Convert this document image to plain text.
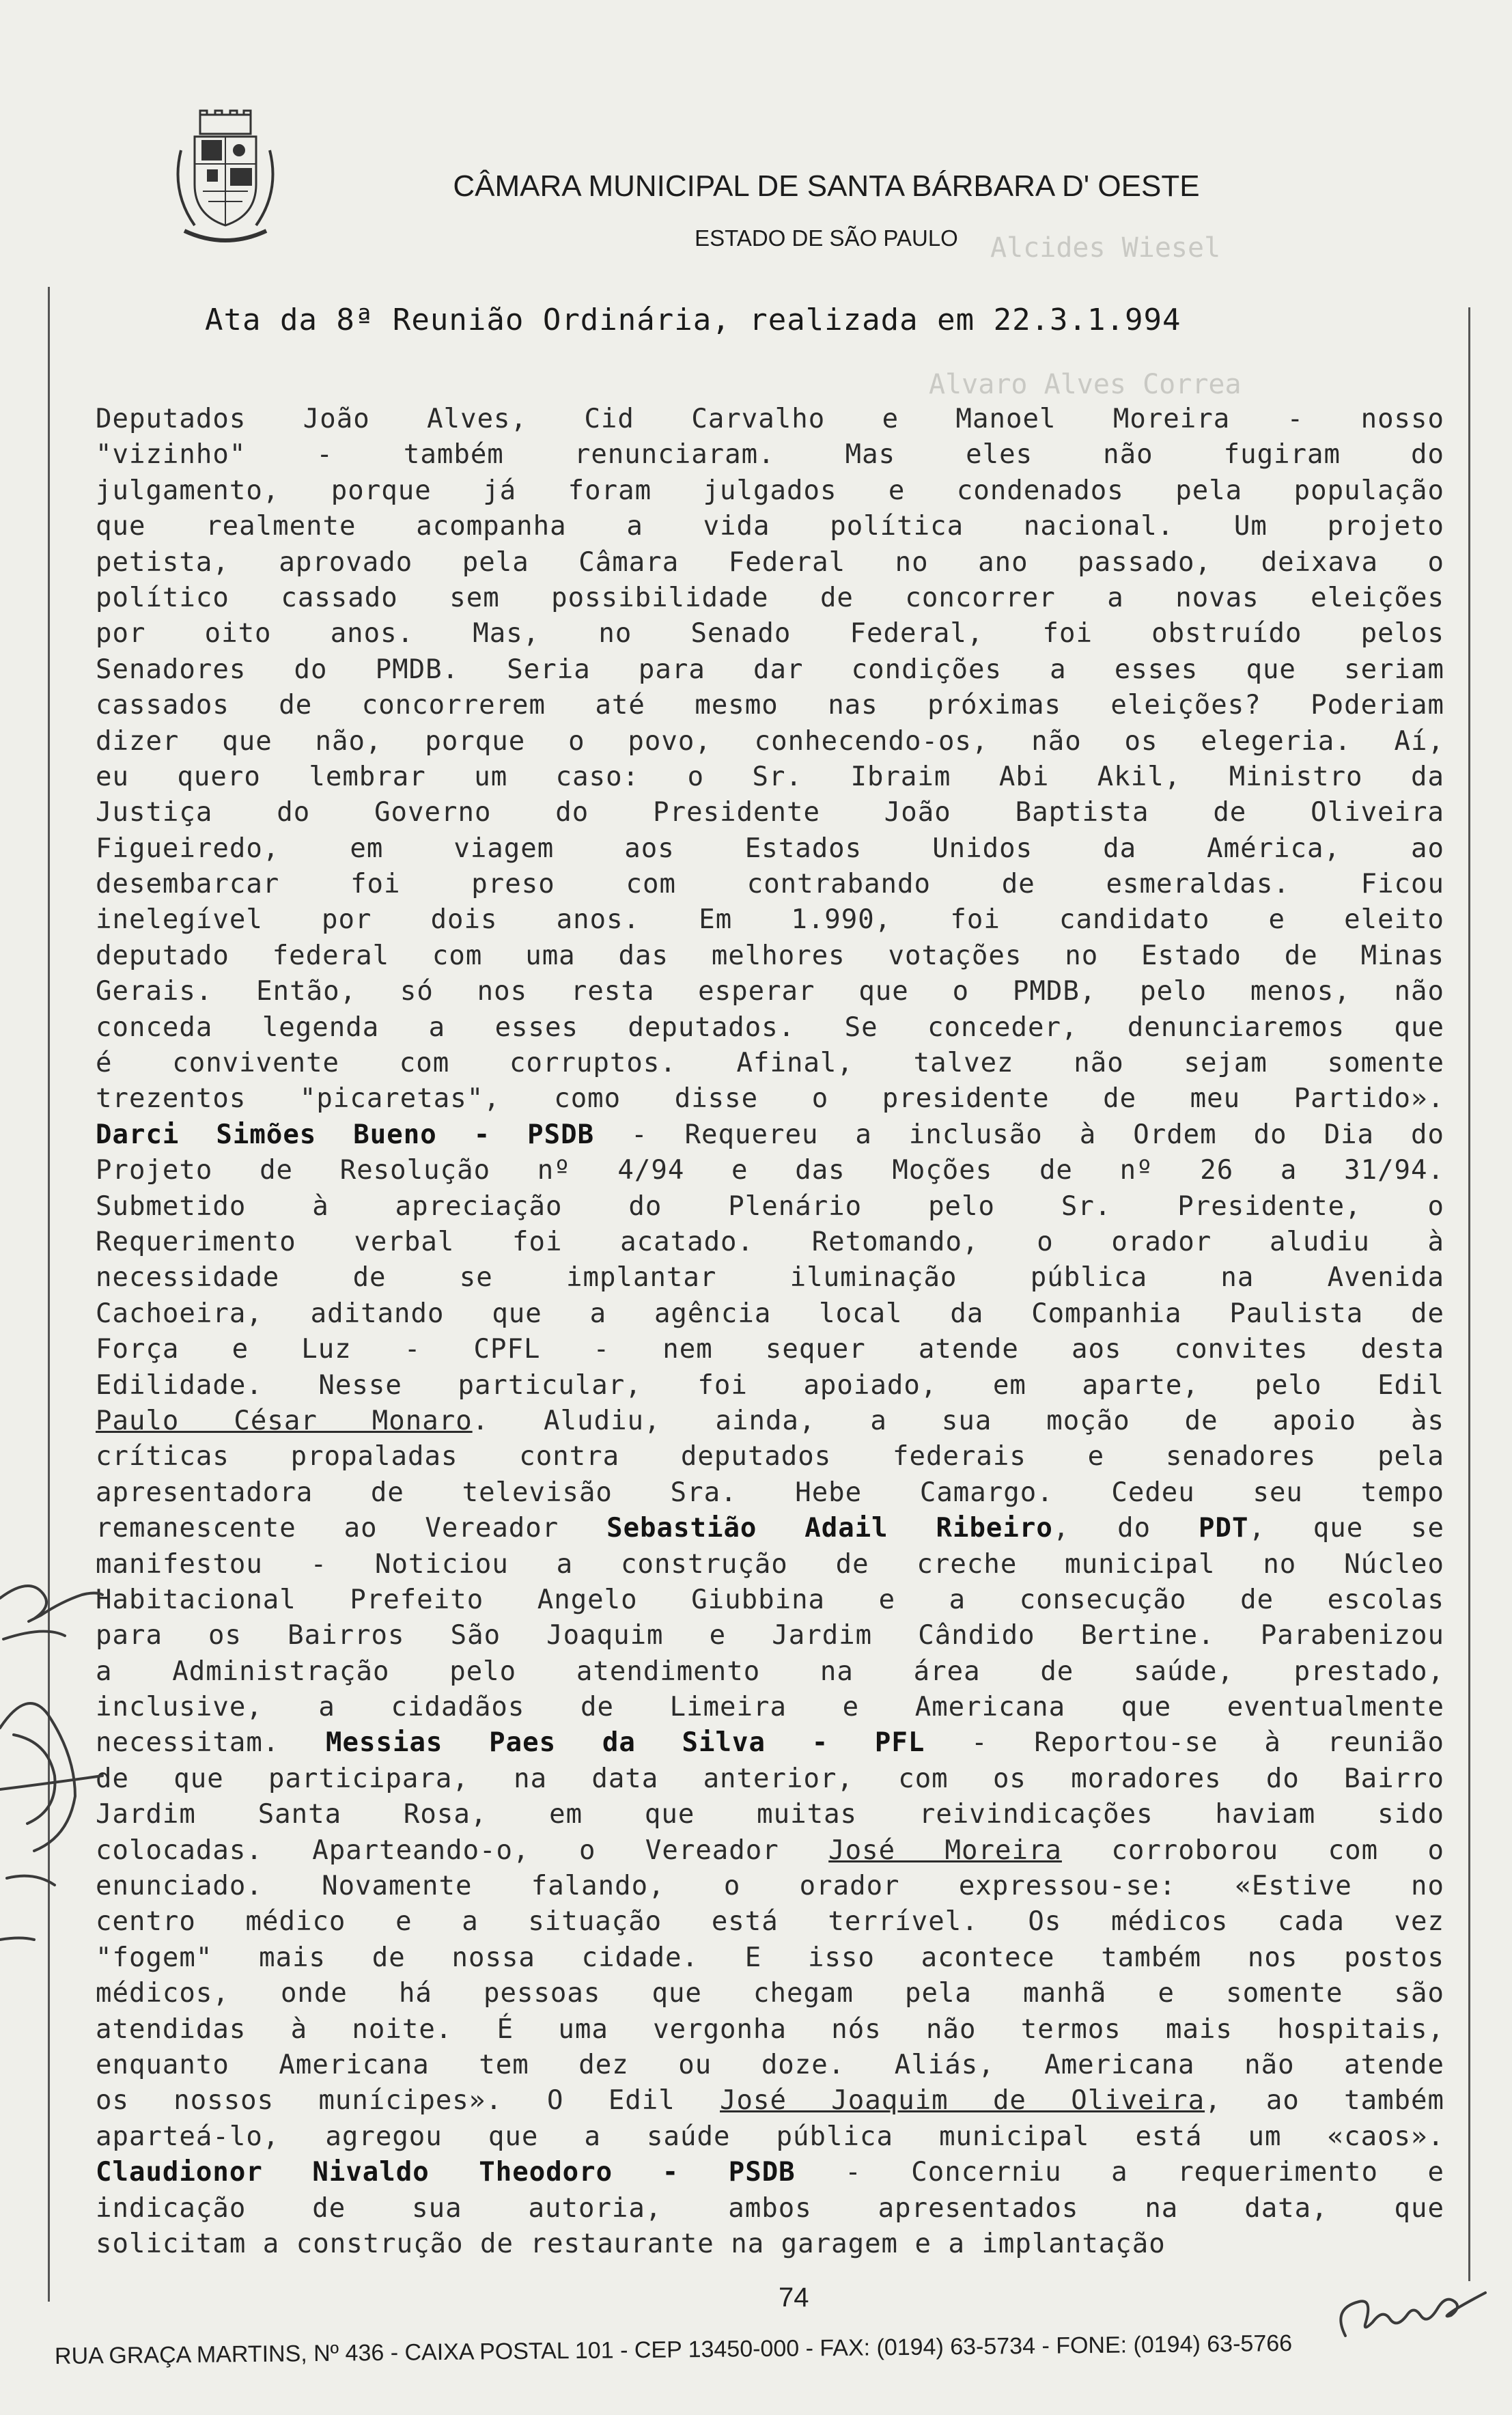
CÂMARA MUNICIPAL DE SANTA BÁRBARA D' OESTE
ESTADO DE SÃO PAULO	Alcides Wiesel
Alvaro Alves Correa
Ata da 8ª Reunião Ordinária, realizada em 22.3.1.994
Deputados João Alves, Cid Carvalho e Manoel Moreira - nosso
"vizinho" - também renunciaram. Mas eles não fugiram do
julgamento, porque já foram julgados e condenados pela população
que realmente acompanha a vida política nacional. Um projeto
petista, aprovado pela Câmara Federal no ano passado, deixava o
político cassado sem possibilidade de concorrer a novas eleições
por oito anos. Mas, no Senado Federal, foi obstruído pelos
Senadores do PMDB. Seria para dar condições a esses que seriam
cassados de concorrerem até mesmo nas próximas eleições? Poderiam
dizer que não, porque o povo, conhecendo-os, não os elegeria. Aí,
eu quero lembrar um caso: o Sr. Ibraim Abi Akil, Ministro da
Justiça do Governo do Presidente João Baptista de Oliveira
Figueiredo, em viagem aos Estados Unidos da América, ao
desembarcar foi preso com contrabando de esmeraldas. Ficou
inelegível por dois anos. Em 1.990, foi candidato e eleito
deputado federal com uma das melhores votações no Estado de Minas
Gerais. Então, só nos resta esperar que o PMDB, pelo menos, não
conceda legenda a esses deputados. Se conceder, denunciaremos que
é convivente com corruptos. Afinal, talvez não sejam somente
trezentos "picaretas", como disse o presidente de meu Partido».
Darci Simões Bueno - PSDB - Requereu a inclusão à Ordem do Dia do
Projeto de Resolução nº 4/94 e das Moções de nº 26 a 31/94.
Submetido à apreciação do Plenário pelo Sr. Presidente, o
Requerimento verbal foi acatado. Retomando, o orador aludiu à
necessidade de se implantar iluminação pública na Avenida
Cachoeira, aditando que a agência local da Companhia Paulista de
Força e Luz - CPFL - nem sequer atende aos convites desta
Edilidade. Nesse particular, foi apoiado, em aparte, pelo Edil
Paulo César Monaro. Aludiu, ainda, a sua moção de apoio às
críticas propaladas contra deputados federais e senadores pela
apresentadora de televisão Sra. Hebe Camargo. Cedeu seu tempo
remanescente ao Vereador Sebastião Adail Ribeiro, do PDT, que se
manifestou - Noticiou a construção de creche municipal no Núcleo
Habitacional Prefeito Angelo Giubbina e a consecução de escolas
para os Bairros São Joaquim e Jardim Cândido Bertine. Parabenizou
a Administração pelo atendimento na área de saúde, prestado,
inclusive, a cidadãos de Limeira e Americana que eventualmente
necessitam. Messias Paes da Silva - PFL - Reportou-se à reunião
de que participara, na data anterior, com os moradores do Bairro
Jardim Santa Rosa, em que muitas reivindicações haviam sido
colocadas. Aparteando-o, o Vereador José Moreira corroborou com o
enunciado. Novamente falando, o orador expressou-se: «Estive no
centro médico e a situação está terrível. Os médicos cada vez
"fogem" mais de nossa cidade. E isso acontece também nos postos
médicos, onde há pessoas que chegam pela manhã e somente são
atendidas à noite. É uma vergonha nós não termos mais hospitais,
enquanto Americana tem dez ou doze. Aliás, Americana não atende
os nossos munícipes». O Edil José Joaquim de Oliveira, ao também
aparteá-lo, agregou que a saúde pública municipal está um «caos».
Claudionor Nivaldo Theodoro - PSDB - Concerniu a requerimento e
indicação de sua autoria, ambos apresentados na data, que
solicitam a construção de restaurante na garagem e a implantação
74
RUA GRAÇA MARTINS, Nº 436 - CAIXA POSTAL 101 - CEP 13450-000 - FAX: (0194) 63-5734 - FONE: (0194) 63-5766
